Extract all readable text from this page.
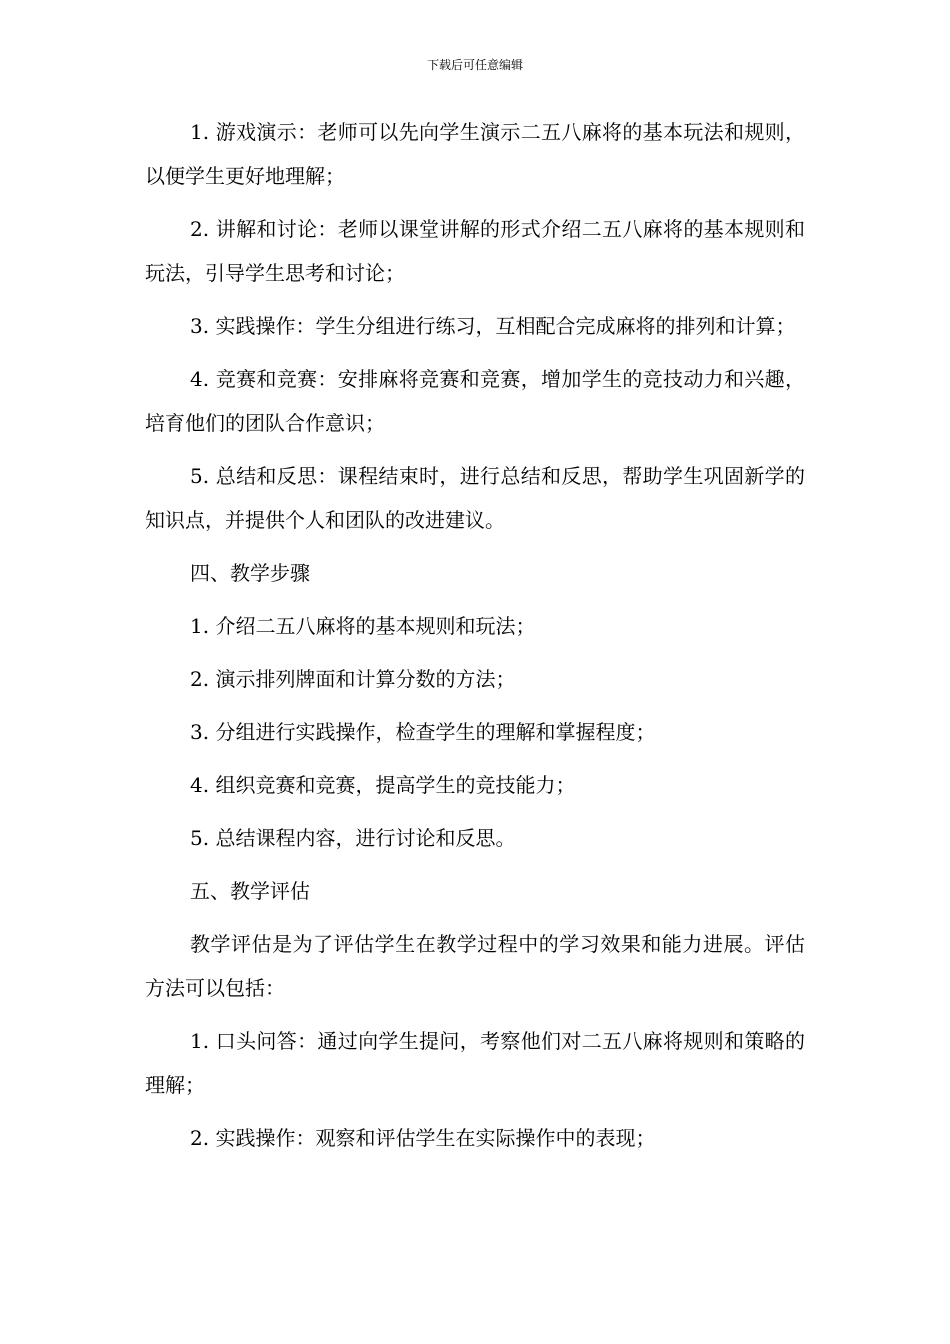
下载后可任意编辑

1. 游戏演示：老师可以先向学生演示二五八麻将的基本玩法和规则，以便学生更好地理解；

2. 讲解和讨论：老师以课堂讲解的形式介绍二五八麻将的基本规则和玩法，引导学生思考和讨论；

3. 实践操作：学生分组进行练习，互相配合完成麻将的排列和计算；

4. 竞赛和竞赛：安排麻将竞赛和竞赛，增加学生的竞技动力和兴趣，培育他们的团队合作意识；

5. 总结和反思：课程结束时，进行总结和反思，帮助学生巩固新学的知识点，并提供个人和团队的改进建议。

四、教学步骤

1. 介绍二五八麻将的基本规则和玩法；

2. 演示排列牌面和计算分数的方法；

3. 分组进行实践操作，检查学生的理解和掌握程度；

4. 组织竞赛和竞赛，提高学生的竞技能力；

5. 总结课程内容，进行讨论和反思。

五、教学评估

教学评估是为了评估学生在教学过程中的学习效果和能力进展。评估方法可以包括：

1. 口头问答：通过向学生提问，考察他们对二五八麻将规则和策略的理解；

2. 实践操作：观察和评估学生在实际操作中的表现；
